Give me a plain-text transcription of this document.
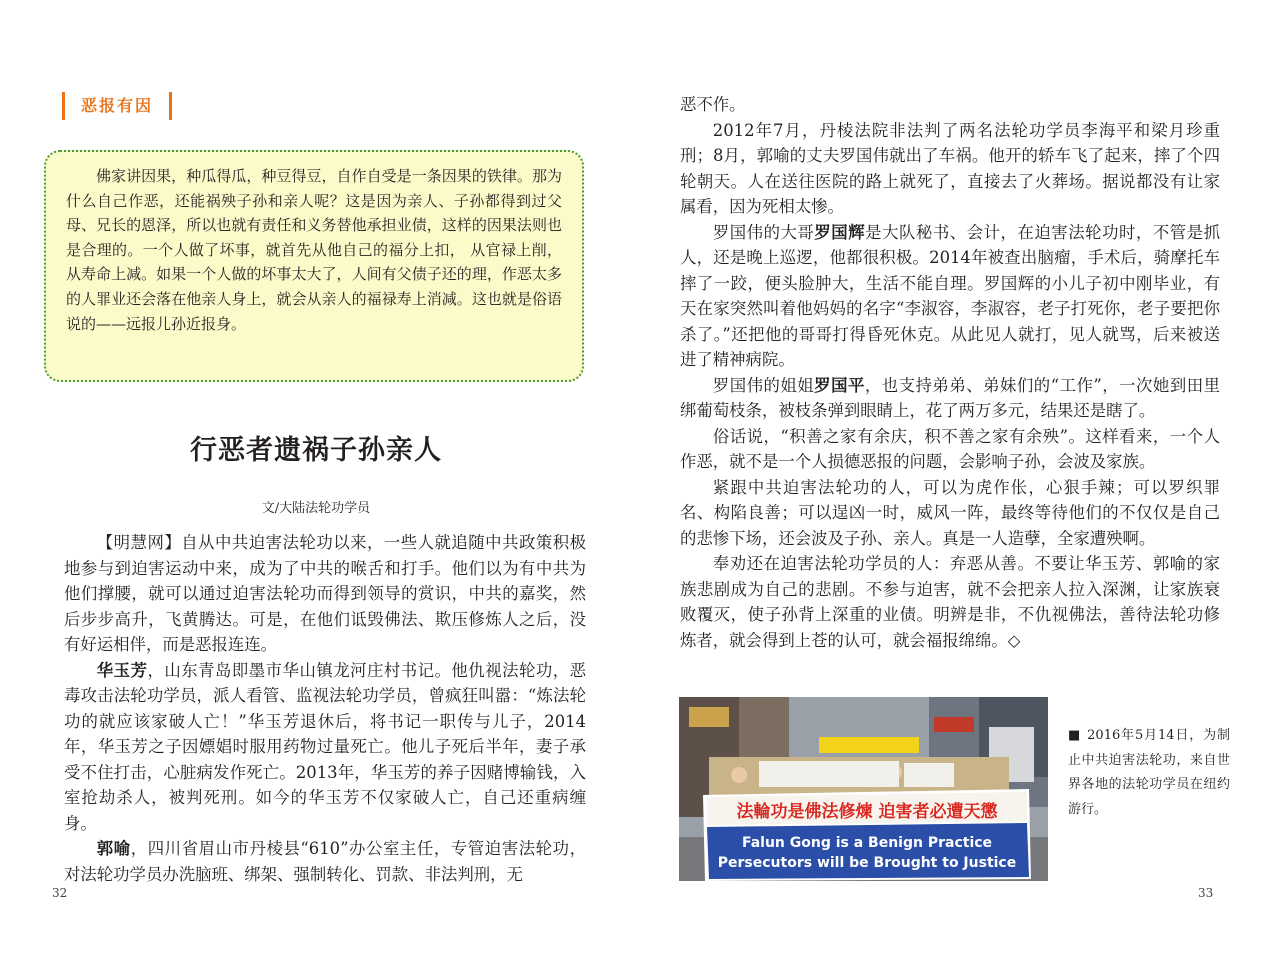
恶报有因

佛家讲因果，种瓜得瓜，种豆得豆，自作自受是一条因果的铁律。那为什么自己作恶，还能祸殃子孙和亲人呢？这是因为亲人、子孙都得到过父母、兄长的恩泽，所以也就有责任和义务替他承担业债，这样的因果法则也是合理的。一个人做了坏事，就首先从他自己的福分上扣， 从官禄上削，从寿命上减。如果一个人做的坏事太大了，人间有父债子还的理，作恶太多的人罪业还会落在他亲人身上，就会从亲人的福禄寿上消减。这也就是俗语说的——远报儿孙近报身。

行恶者遗祸子孙亲人
文/大陆法轮功学员

【明慧网】自从中共迫害法轮功以来，一些人就追随中共政策积极地参与到迫害运动中来，成为了中共的喉舌和打手。他们以为有中共为他们撑腰，就可以通过迫害法轮功而得到领导的赏识，中共的嘉奖，然后步步高升，飞黄腾达。可是，在他们诋毁佛法、欺压修炼人之后，没有好运相伴，而是恶报连连。

华玉芳，山东青岛即墨市华山镇龙河庄村书记。他仇视法轮功，恶毒攻击法轮功学员，派人看管、监视法轮功学员，曾疯狂叫嚣：“炼法轮功的就应该家破人亡！”华玉芳退休后，将书记一职传与儿子，2014年，华玉芳之子因嫖娼时服用药物过量死亡。他儿子死后半年，妻子承受不住打击，心脏病发作死亡。2013年，华玉芳的养子因赌博输钱，入室抢劫杀人，被判死刑。如今的华玉芳不仅家破人亡，自己还重病缠身。

郭喻，四川省眉山市丹棱县“610”办公室主任，专管迫害法轮功，对法轮功学员办洗脑班、绑架、强制转化、罚款、非法判刑，无

32

恶不作。

2012年7月，丹棱法院非法判了两名法轮功学员李海平和梁月珍重刑；8月，郭喻的丈夫罗国伟就出了车祸。他开的轿车飞了起来，摔了个四轮朝天。人在送往医院的路上就死了，直接去了火葬场。据说都没有让家属看，因为死相太惨。

罗国伟的大哥罗国辉是大队秘书、会计，在迫害法轮功时，不管是抓人，还是晚上巡逻，他都很积极。2014年被查出脑瘤，手术后，骑摩托车摔了一跤，便头脸肿大，生活不能自理。罗国辉的小儿子初中刚毕业，有天在家突然叫着他妈妈的名字“李淑容，李淑容，老子打死你，老子要把你杀了。”还把他的哥哥打得昏死休克。从此见人就打，见人就骂，后来被送进了精神病院。

罗国伟的姐姐罗国平，也支持弟弟、弟妹们的“工作”，一次她到田里绑葡萄枝条，被枝条弹到眼睛上，花了两万多元，结果还是瞎了。

俗话说，“积善之家有余庆，积不善之家有余殃”。这样看来，一个人作恶，就不是一个人损德恶报的问题，会影响子孙，会波及家族。

紧跟中共迫害法轮功的人，可以为虎作伥，心狠手辣；可以罗织罪名、构陷良善；可以逞凶一时，威风一阵，最终等待他们的不仅仅是自己的悲惨下场，还会波及子孙、亲人。真是一人造孽，全家遭殃啊。

奉劝还在迫害法轮功学员的人：弃恶从善。不要让华玉芳、郭喻的家族悲剧成为自己的悲剧。不参与迫害，就不会把亲人拉入深渊，让家族衰败覆灭，使子孙背上深重的业债。明辨是非，不仇视佛法，善待法轮功修炼者，就会得到上苍的认可，就会福报绵绵。◇

法輪功是佛法修煉 迫害者必遭天懲
Falun Gong is a Benign Practice
Persecutors will be Brought to Justice

■ 2016年5月14日，为制止中共迫害法轮功，来自世界各地的法轮功学员在纽约游行。

33
